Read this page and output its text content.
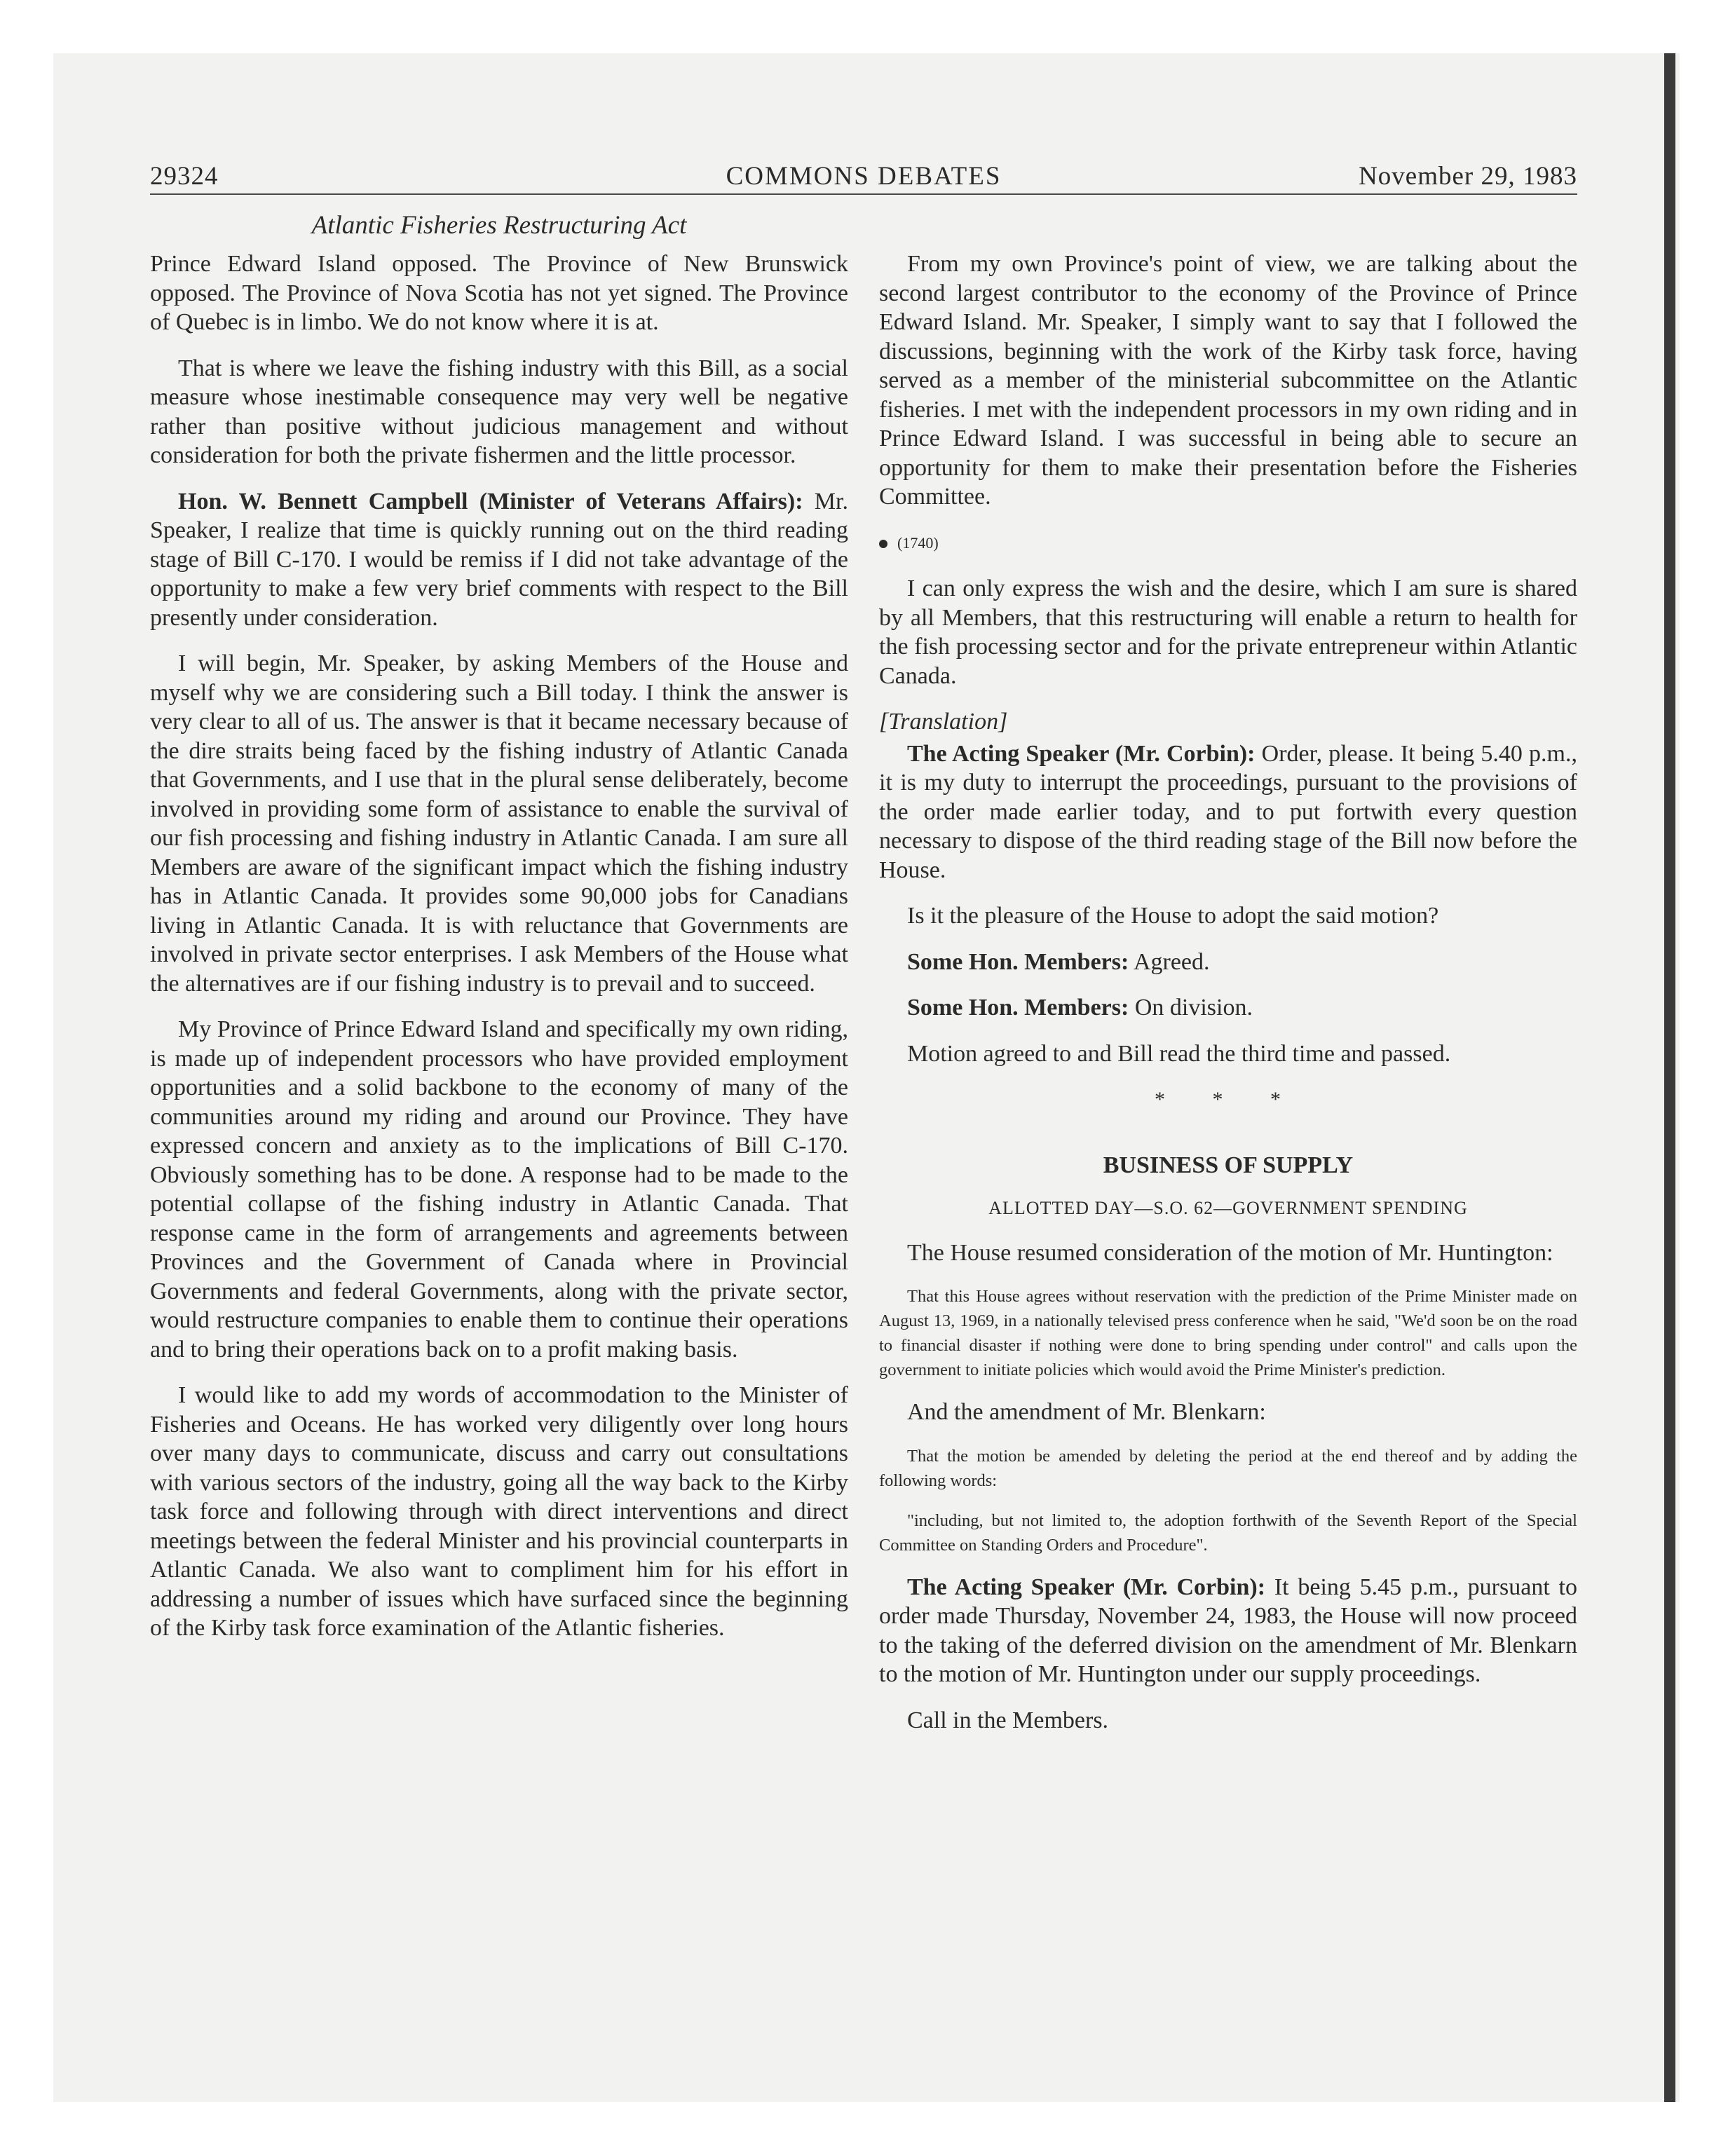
29324	COMMONS DEBATES	November 29, 1983
Atlantic Fisheries Restructuring Act

Prince Edward Island opposed. The Province of New Brunswick opposed. The Province of Nova Scotia has not yet signed. The Province of Quebec is in limbo. We do not know where it is at.

That is where we leave the fishing industry with this Bill, as a social measure whose inestimable consequence may very well be negative rather than positive without judicious management and without consideration for both the private fishermen and the little processor.

Hon. W. Bennett Campbell (Minister of Veterans Affairs): Mr. Speaker, I realize that time is quickly running out on the third reading stage of Bill C-170. I would be remiss if I did not take advantage of the opportunity to make a few very brief comments with respect to the Bill presently under consideration.

I will begin, Mr. Speaker, by asking Members of the House and myself why we are considering such a Bill today. I think the answer is very clear to all of us. The answer is that it became necessary because of the dire straits being faced by the fishing industry of Atlantic Canada that Governments, and I use that in the plural sense deliberately, become involved in providing some form of assistance to enable the survival of our fish processing and fishing industry in Atlantic Canada. I am sure all Members are aware of the significant impact which the fishing industry has in Atlantic Canada. It provides some 90,000 jobs for Canadians living in Atlantic Canada. It is with reluctance that Governments are involved in private sector enterprises. I ask Members of the House what the alternatives are if our fishing industry is to prevail and to succeed.

My Province of Prince Edward Island and specifically my own riding, is made up of independent processors who have provided employment opportunities and a solid backbone to the economy of many of the communities around my riding and around our Province. They have expressed concern and anxiety as to the implications of Bill C-170. Obviously something has to be done. A response had to be made to the potential collapse of the fishing industry in Atlantic Canada. That response came in the form of arrangements and agreements between Provinces and the Government of Canada where in Provincial Governments and federal Governments, along with the private sector, would restructure companies to enable them to continue their operations and to bring their operations back on to a profit making basis.

I would like to add my words of accommodation to the Minister of Fisheries and Oceans. He has worked very diligently over long hours over many days to communicate, discuss and carry out consultations with various sectors of the industry, going all the way back to the Kirby task force and following through with direct interventions and direct meetings between the federal Minister and his provincial counterparts in Atlantic Canada. We also want to compliment him for his effort in addressing a number of issues which have surfaced since the beginning of the Kirby task force examination of the Atlantic fisheries.

From my own Province's point of view, we are talking about the second largest contributor to the economy of the Province of Prince Edward Island. Mr. Speaker, I simply want to say that I followed the discussions, beginning with the work of the Kirby task force, having served as a member of the ministerial subcommittee on the Atlantic fisheries. I met with the independent processors in my own riding and in Prince Edward Island. I was successful in being able to secure an opportunity for them to make their presentation before the Fisheries Committee.

(1740)

I can only express the wish and the desire, which I am sure is shared by all Members, that this restructuring will enable a return to health for the fish processing sector and for the private entrepreneur within Atlantic Canada.

[Translation]

The Acting Speaker (Mr. Corbin): Order, please. It being 5.40 p.m., it is my duty to interrupt the proceedings, pursuant to the provisions of the order made earlier today, and to put fortwith every question necessary to dispose of the third reading stage of the Bill now before the House.

Is it the pleasure of the House to adopt the said motion?

Some Hon. Members: Agreed.

Some Hon. Members: On division.

Motion agreed to and Bill read the third time and passed.

* * *
BUSINESS OF SUPPLY
ALLOTTED DAY—S.O. 62—GOVERNMENT SPENDING

The House resumed consideration of the motion of Mr. Huntington:

That this House agrees without reservation with the prediction of the Prime Minister made on August 13, 1969, in a nationally televised press conference when he said, "We'd soon be on the road to financial disaster if nothing were done to bring spending under control" and calls upon the government to initiate policies which would avoid the Prime Minister's prediction.

And the amendment of Mr. Blenkarn:

That the motion be amended by deleting the period at the end thereof and by adding the following words:
"including, but not limited to, the adoption forthwith of the Seventh Report of the Special Committee on Standing Orders and Procedure".

The Acting Speaker (Mr. Corbin): It being 5.45 p.m., pursuant to order made Thursday, November 24, 1983, the House will now proceed to the taking of the deferred division on the amendment of Mr. Blenkarn to the motion of Mr. Huntington under our supply proceedings.

Call in the Members.
